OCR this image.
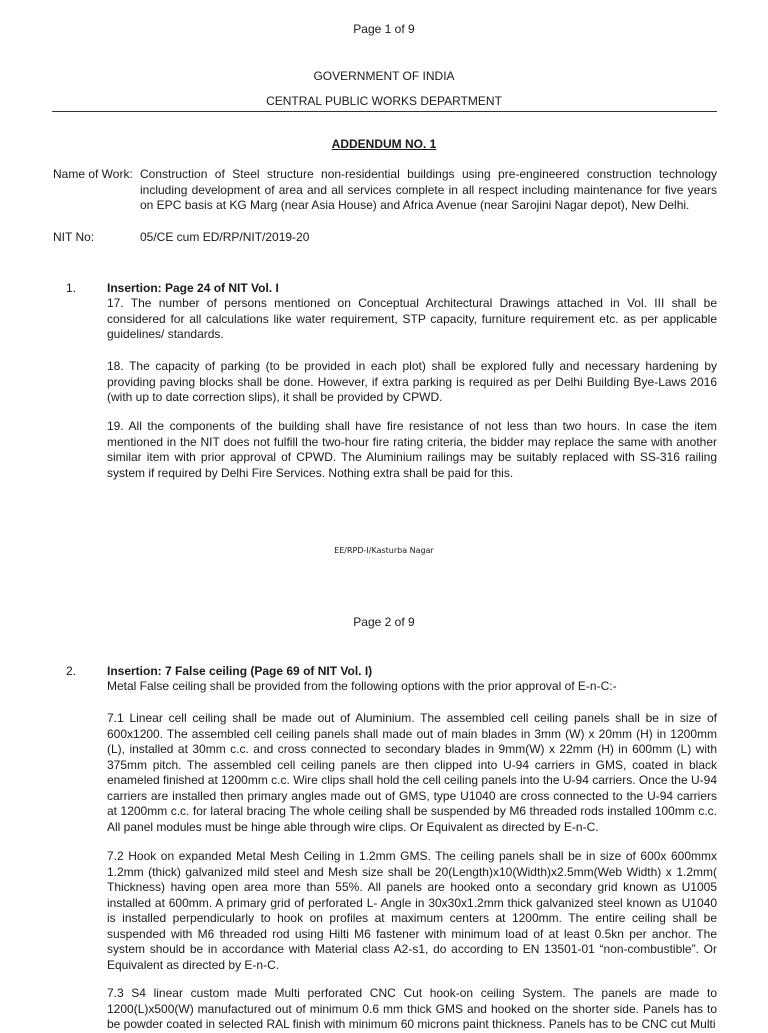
Page 1 of 9
GOVERNMENT OF INDIA
CENTRAL PUBLIC WORKS DEPARTMENT
ADDENDUM NO. 1
Name of Work: Construction of Steel structure non-residential buildings using pre-engineered construction technology including development of area and all services complete in all respect including maintenance for five years on EPC basis at KG Marg (near Asia House) and Africa Avenue (near Sarojini Nagar depot), New Delhi.
NIT No:	05/CE cum ED/RP/NIT/2019-20
1.	Insertion: Page 24 of NIT Vol. I
17. The number of persons mentioned on Conceptual Architectural Drawings attached in Vol. III shall be considered for all calculations like water requirement, STP capacity, furniture requirement etc. as per applicable guidelines/ standards.
18. The capacity of parking (to be provided in each plot) shall be explored fully and necessary hardening by providing paving blocks shall be done. However, if extra parking is required as per Delhi Building Bye-Laws 2016 (with up to date correction slips), it shall be provided by CPWD.
19. All the components of the building shall have fire resistance of not less than two hours. In case the item mentioned in the NIT does not fulfill the two-hour fire rating criteria, the bidder may replace the same with another similar item with prior approval of CPWD. The Aluminium railings may be suitably replaced with SS-316 railing system if required by Delhi Fire Services. Nothing extra shall be paid for this.
EE/RPD-I/Kasturba Nagar
Page 2 of 9
2.	Insertion: 7 False ceiling (Page 69 of NIT Vol. I)
Metal False ceiling shall be provided from the following options with the prior approval of E-n-C:-
7.1 Linear cell ceiling shall be made out of Aluminium. The assembled cell ceiling panels shall be in size of 600x1200. The assembled cell ceiling panels shall made out of main blades in 3mm (W) x 20mm (H) in 1200mm (L), installed at 30mm c.c. and cross connected to secondary blades in 9mm(W) x 22mm (H) in 600mm (L) with 375mm pitch. The assembled cell ceiling panels are then clipped into U-94 carriers in GMS, coated in black enameled finished at 1200mm c.c. Wire clips shall hold the cell ceiling panels into the U-94 carriers. Once the U-94 carriers are installed then primary angles made out of GMS, type U1040 are cross connected to the U-94 carriers at 1200mm c.c. for lateral bracing The whole ceiling shall be suspended by M6 threaded rods installed 100mm c.c. All panel modules must be hinge able through wire clips. Or Equivalent as directed by E-n-C.
7.2 Hook on expanded Metal Mesh Ceiling in 1.2mm GMS. The ceiling panels shall be in size of 600x 600mmx 1.2mm (thick) galvanized mild steel and Mesh size shall be 20(Length)x10(Width)x2.5mm(Web Width) x 1.2mm( Thickness) having open area more than 55%. All panels are hooked onto a secondary grid known as U1005 installed at 600mm. A primary grid of perforated L- Angle in 30x30x1.2mm thick galvanized steel known as U1040 is installed perpendicularly to hook on profiles at maximum centers at 1200mm. The entire ceiling shall be suspended with M6 threaded rod using Hilti M6 fastener with minimum load of at least 0.5kn per anchor. The system should be in accordance with Material class A2-s1, do according to EN 13501-01 “non-combustible”. Or Equivalent as directed by E-n-C.
7.3 S4 linear custom made Multi perforated CNC Cut hook-on ceiling System. The panels are made to 1200(L)x500(W) manufactured out of minimum 0.6 mm thick GMS and hooked on the shorter side. Panels has to be powder coated in selected RAL finish with minimum 60 microns paint thickness. Panels has to be CNC cut Multi
